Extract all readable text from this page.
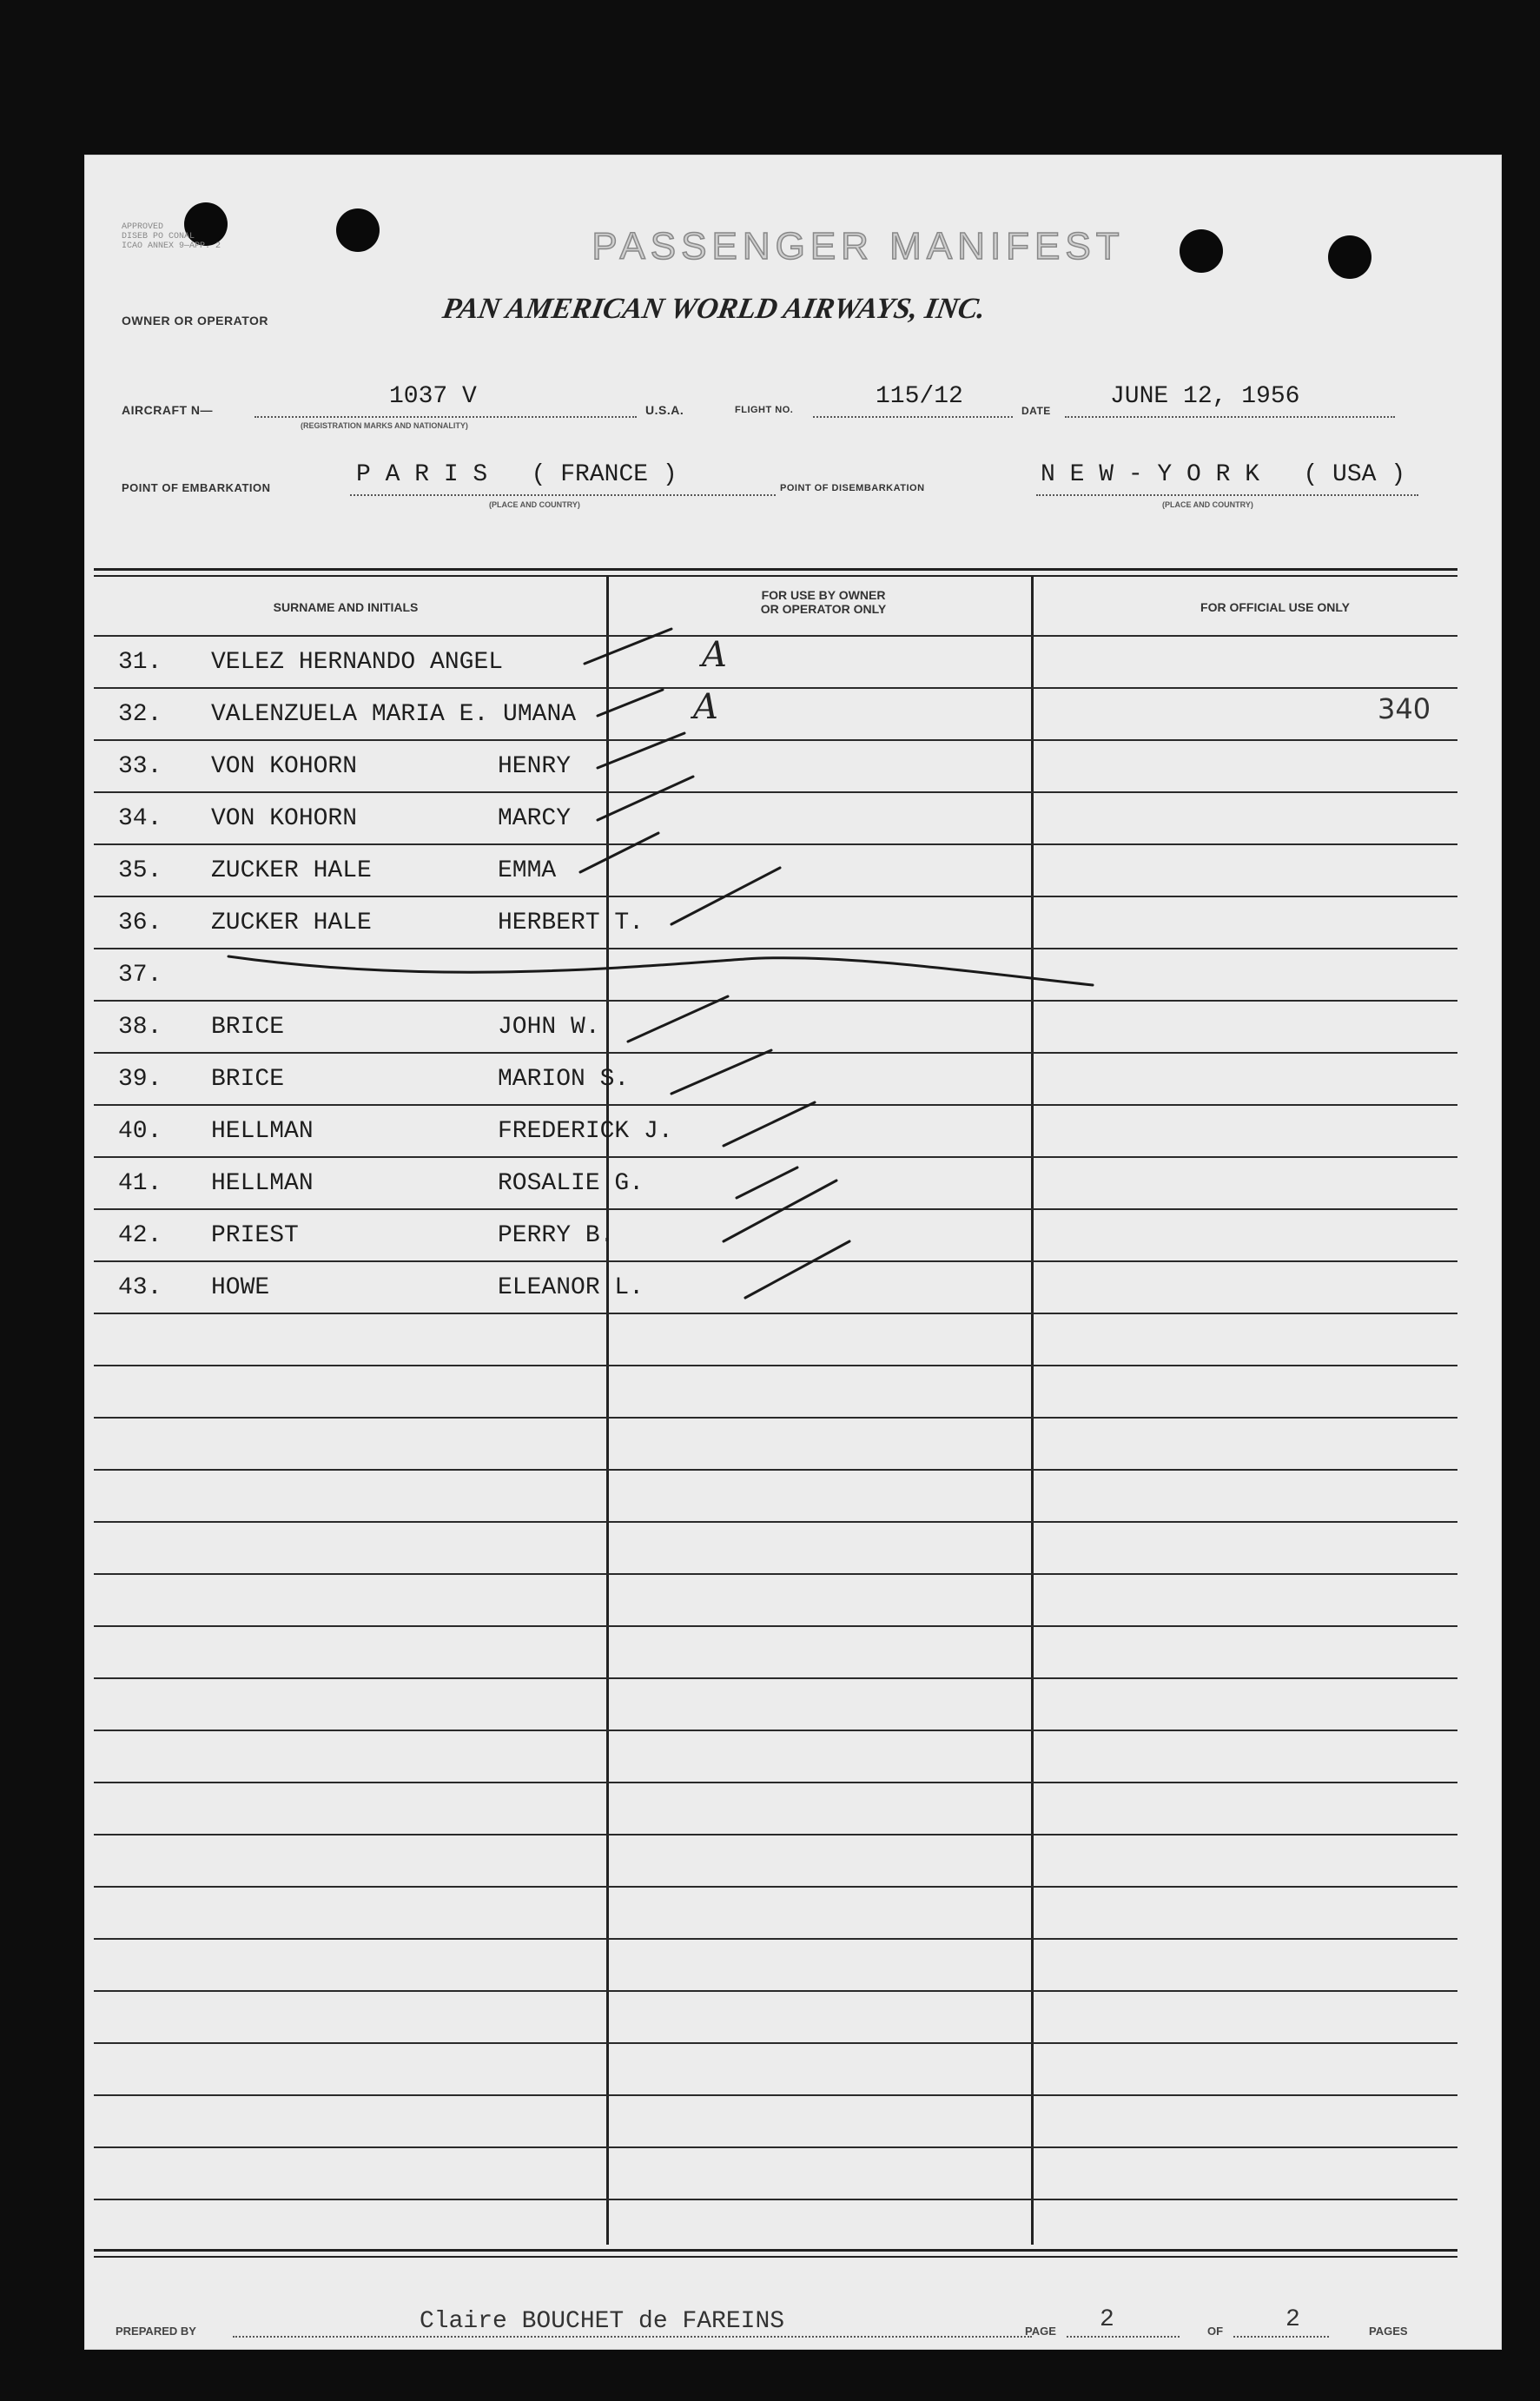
APPROVED
DISEB PO CONAL
ICAO ANNEX 9—APP. 2	PASSENGER MANIFEST
OWNER OR OPERATOR	PAN AMERICAN WORLD AIRWAYS, INC.
AIRCRAFT N—	1037 V
(REGISTRATION MARKS AND NATIONALITY)
U.S.A.	FLIGHT NO.	115/12
DATE
JUNE 12, 1956
POINT OF EMBARKATION	P A R I S   ( FRANCE )
(PLACE AND COUNTRY)
POINT OF DISEMBARKATION	N E W - Y O R K   ( USA )
(PLACE AND COUNTRY)
SURNAME AND INITIALS
FOR USE BY OWNER
OR OPERATOR ONLY	FOR OFFICIAL USE ONLY
31. VELEZ HERNANDO ANGEL	A
32. VALENZUELA MARIA E. UMANA	A	340
33. VON KOHORN	HENRY
34. VON KOHORN	MARCY
35. ZUCKER HALE	EMMA
36. ZUCKER HALE	HERBERT T.
37.
38. BRICE	JOHN W.
39. BRICE	MARION S.
40. HELLMAN	FREDERICK J.
41. HELLMAN	ROSALIE G.
42. PRIEST	PERRY B.
43. HOWE	ELEANOR L.
PREPARED BY	Claire BOUCHET de FAREINS	PAGE 2	OF	2	PAGES
